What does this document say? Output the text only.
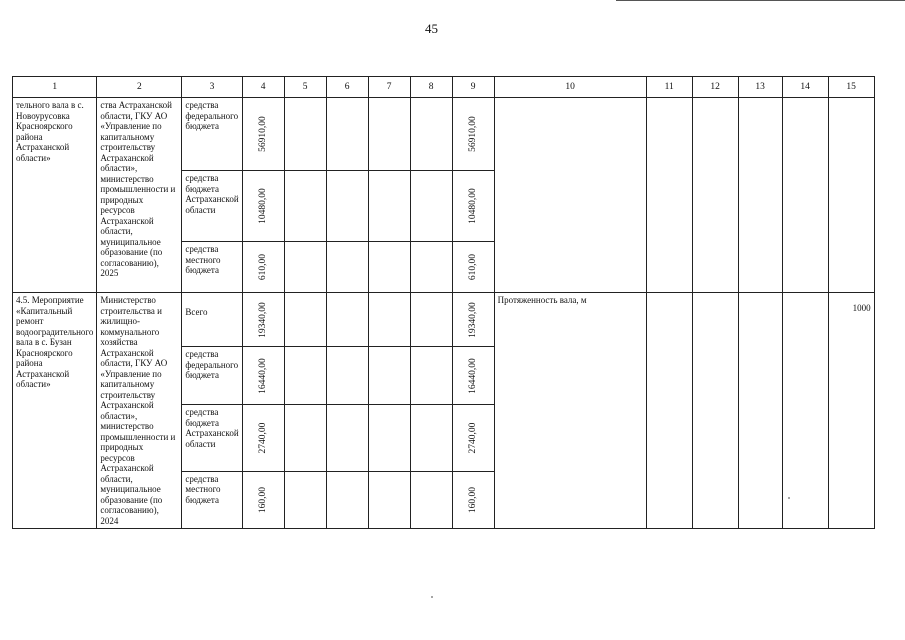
45
1	2	3	4	5	6	7	8	9	10	11	12	13	14	15
тельного вала в с. Новоурусовка Красноярского района Астраханской области»	ства Астраханской области, ГКУ АО «Управление по капитальному строительству Астраханской области», министерство промышленности и природных ресурсов Астраханской области, муниципальное образование (по согласованию), 2025	средства федерального бюджета	56910,00					56910,00						

		средства бюджета Астраханской области	10480,00					10480,00						

		средства местного бюджета	610,00					610,00						

4.5. Мероприятие «Капитальный ремонт водооградительного вала в с. Бузан Красноярского района Астраханской области»	Министерство строительства и жилищно-коммунального хозяйства Астраханской области, ГКУ АО «Управление по капитальному строительству Астраханской области», министерство промышленности и природных ресурсов Астраханской области, муниципальное образование (по согласованию), 2024	Всего	19340,00					19340,00	Протяженность вала, м					1000
		средства федерального бюджета	16440,00					16440,00						

		средства бюджета Астраханской области	2740,00					2740,00						

		средства местного бюджета	160,00					160,00						
